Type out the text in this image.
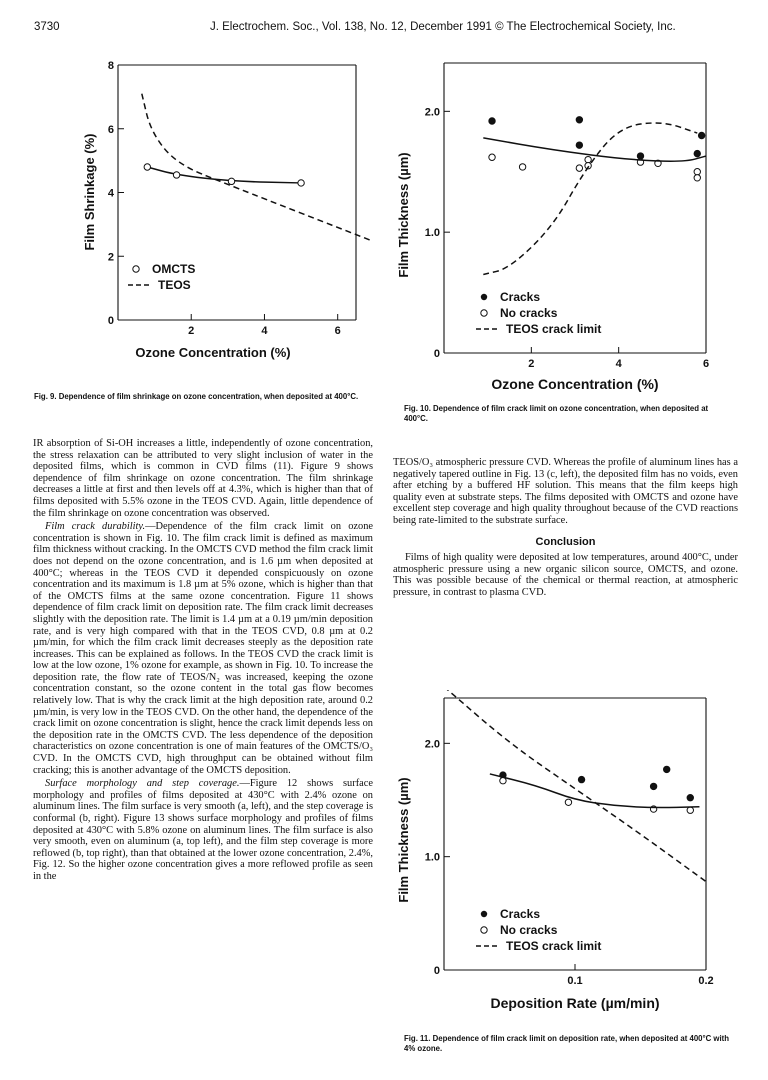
3730	J. Electrochem. Soc., Vol. 138, No. 12, December 1991 © The Electrochemical Society, Inc.
2	4	6
0
2
4
6
8
OMCTS
TEOS
Ozone Concentration (%)
Film Shrinkage (%)
Fig. 9. Dependence of film shrinkage on ozone concentration, when deposited at 400°C.
2	4	6
0
1.0
2.0
Cracks
No cracks
TEOS crack limit
Ozone Concentration (%)
Film Thickness (µm)
Fig. 10. Dependence of film crack limit on ozone concentration, when deposited at 400°C.

IR absorption of Si-OH increases a little, independently of ozone concentration, the stress relaxation can be attributed to very slight inclusion of water in the deposited films, which is common in CVD films (11). Figure 9 shows dependence of film shrinkage on ozone concentration. The film shrinkage decreases a little at first and then levels off at 4.3%, which is higher than that of films deposited with 5.5% ozone in the TEOS CVD. Again, little dependence of the film shrinkage on ozone concentration was observed.

Film crack durability.—Dependence of the film crack limit on ozone concentration is shown in Fig. 10. The film crack limit is defined as maximum film thickness without cracking. In the OMCTS CVD method the film crack limit does not depend on the ozone concentration, and is 1.6 µm when deposited at 400°C; whereas in the TEOS CVD it depended conspicuously on ozone concentration and its maximum is 1.8 µm at 5% ozone, which is higher than that of the OMCTS films at the same ozone concentration. Figure 11 shows dependence of film crack limit on deposition rate. The film crack limit decreases slightly with the deposition rate. The limit is 1.4 µm at a 0.19 µm/min deposition rate, and is very high compared with that in the TEOS CVD, 0.8 µm at 0.2 µm/min, for which the film crack limit decreases steeply as the deposition rate increases. This can be explained as follows. In the TEOS CVD the crack limit is low at the low ozone, 1% ozone for example, as shown in Fig. 10. To increase the deposition rate, the flow rate of TEOS/N₂ was increased, keeping the ozone concentration constant, so the ozone content in the total gas flow becomes relatively low. That is why the crack limit at the high deposition rate, around 0.2 µm/min, is very low in the TEOS CVD. On the other hand, the dependence of the crack limit on ozone concentration is slight, hence the crack limit depends less on the deposition rate in the OMCTS CVD. The less dependence of the deposition characteristics on ozone concentration is one of main features of the OMCTS/O₃ CVD. In the OMCTS CVD, high throughput can be obtained without film cracking; this is another advantage of the OMCTS deposition.

Surface morphology and step coverage.—Figure 12 shows surface morphology and profiles of films deposited at 430°C with 2.4% ozone on aluminum lines. The film surface is very smooth (a, left), and the step coverage is conformal (b, right). Figure 13 shows surface morphology and profiles of films deposited at 430°C with 5.8% ozone on aluminum lines. The film surface is also very smooth, even on aluminum (a, top left), and the film step coverage is more reflowed (b, top right), than that obtained at the lower ozone concentration, 2.4%, Fig. 12. So the higher ozone concentration gives a more reflowed profile as seen in the

TEOS/O₃ atmospheric pressure CVD. Whereas the profile of aluminum lines has a negatively tapered outline in Fig. 13 (c, left), the deposited film has no voids, even after etching by a buffered HF solution. This means that the film keeps high quality even at substrate steps. The films deposited with OMCTS and ozone have excellent step coverage and high quality throughout because of the CVD reactions being rate-limited to the substrate surface.

Conclusion

Films of high quality were deposited at low temperatures, around 400°C, under atmospheric pressure using a new organic silicon source, OMCTS, and ozone. This was possible because of the chemical or thermal reaction, at atmospheric pressure, in contrast to plasma CVD.

0.1	0.2
0
1.0
2.0
Cracks
No cracks
TEOS crack limit
Deposition Rate (µm/min)
Film Thickness (µm)
Fig. 11. Dependence of film crack limit on deposition rate, when deposited at 400°C with 4% ozone.
